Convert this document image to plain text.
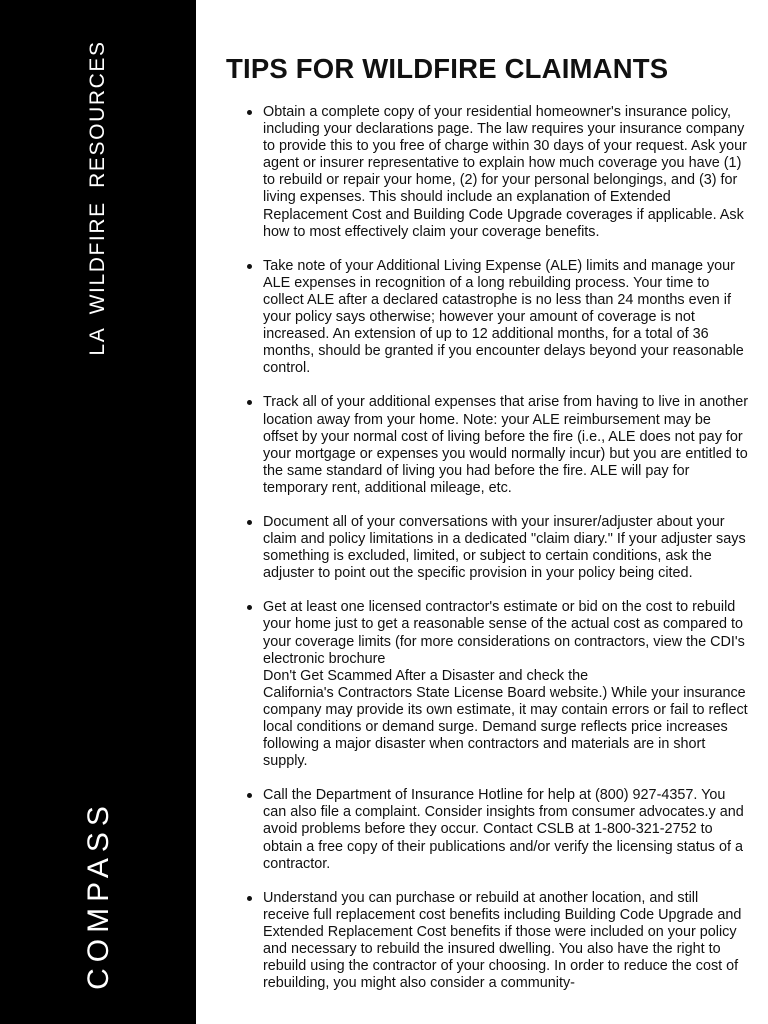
LA WILDFIRE RESOURCES
COMPASS
TIPS FOR WILDFIRE CLAIMANTS
Obtain a complete copy of your residential homeowner's insurance policy, including your declarations page. The law requires your insurance company to provide this to you free of charge within 30 days of your request. Ask your agent or insurer representative to explain how much coverage you have (1) to rebuild or repair your home, (2) for your personal belongings, and (3) for living expenses. This should include an explanation of Extended Replacement Cost and Building Code Upgrade coverages if applicable. Ask how to most effectively claim your coverage benefits.
Take note of your Additional Living Expense (ALE) limits and manage your ALE expenses in recognition of a long rebuilding process. Your time to collect ALE after a declared catastrophe is no less than 24 months even if your policy says otherwise; however your amount of coverage is not increased. An extension of up to 12 additional months, for a total of 36 months, should be granted if you encounter delays beyond your reasonable control.
Track all of your additional expenses that arise from having to live in another location away from your home. Note: your ALE reimbursement may be offset by your normal cost of living before the fire (i.e., ALE does not pay for your mortgage or expenses you would normally incur) but you are entitled to the same standard of living you had before the fire. ALE will pay for temporary rent, additional mileage, etc.
Document all of your conversations with your insurer/adjuster about your claim and policy limitations in a dedicated "claim diary." If your adjuster says something is excluded, limited, or subject to certain conditions, ask the adjuster to point out the specific provision in your policy being cited.
Get at least one licensed contractor's estimate or bid on the cost to rebuild your home just to get a reasonable sense of the actual cost as compared to your coverage limits (for more considerations on contractors, view the CDI's electronic brochure
Don't Get Scammed After a Disaster and check the
California's Contractors State License Board website.) While your insurance company may provide its own estimate, it may contain errors or fail to reflect local conditions or demand surge. Demand surge reflects price increases following a major disaster when contractors and materials are in short supply.
Call the Department of Insurance Hotline for help at (800) 927-4357. You can also file a complaint. Consider insights from consumer advocates.y and avoid problems before they occur. Contact CSLB at 1-800-321-2752 to obtain a free copy of their publications and/or verify the licensing status of a contractor.
Understand you can purchase or rebuild at another location, and still receive full replacement cost benefits including Building Code Upgrade and Extended Replacement Cost benefits if those were included on your policy and necessary to rebuild the insured dwelling. You also have the right to rebuild using the contractor of your choosing. In order to reduce the cost of rebuilding, you might also consider a community-
